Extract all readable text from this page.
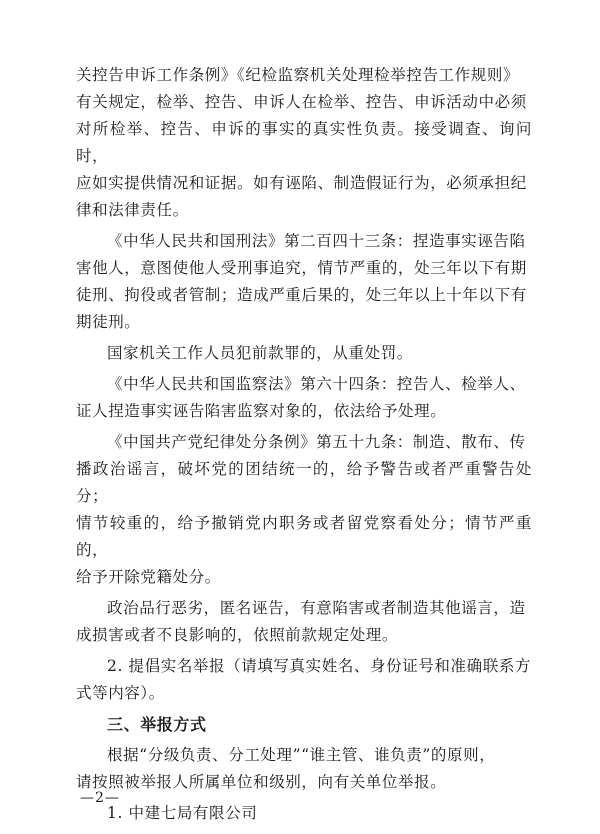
关控告申诉工作条例》《纪检监察机关处理检举控告工作规则》
有关规定，检举、控告、申诉人在检举、控告、申诉活动中必须
对所检举、控告、申诉的事实的真实性负责。接受调查、询问时，
应如实提供情况和证据。如有诬陷、制造假证行为，必须承担纪
律和法律责任。

《中华人民共和国刑法》第二百四十三条：捏造事实诬告陷
害他人，意图使他人受刑事追究，情节严重的，处三年以下有期
徒刑、拘役或者管制；造成严重后果的，处三年以上十年以下有
期徒刑。

国家机关工作人员犯前款罪的，从重处罚。

《中华人民共和国监察法》第六十四条：控告人、检举人、
证人捏造事实诬告陷害监察对象的，依法给予处理。

《中国共产党纪律处分条例》第五十九条：制造、散布、传
播政治谣言，破坏党的团结统一的，给予警告或者严重警告处分；
情节较重的，给予撤销党内职务或者留党察看处分；情节严重的，
给予开除党籍处分。

政治品行恶劣，匿名诬告，有意陷害或者制造其他谣言，造
成损害或者不良影响的，依照前款规定处理。

2. 提倡实名举报（请填写真实姓名、身份证号和准确联系方
式等内容）。

三、举报方式

根据“分级负责、分工处理”“谁主管、谁负责”的原则，
请按照被举报人所属单位和级别，向有关单位举报。

1. 中建七局有限公司

—2—
